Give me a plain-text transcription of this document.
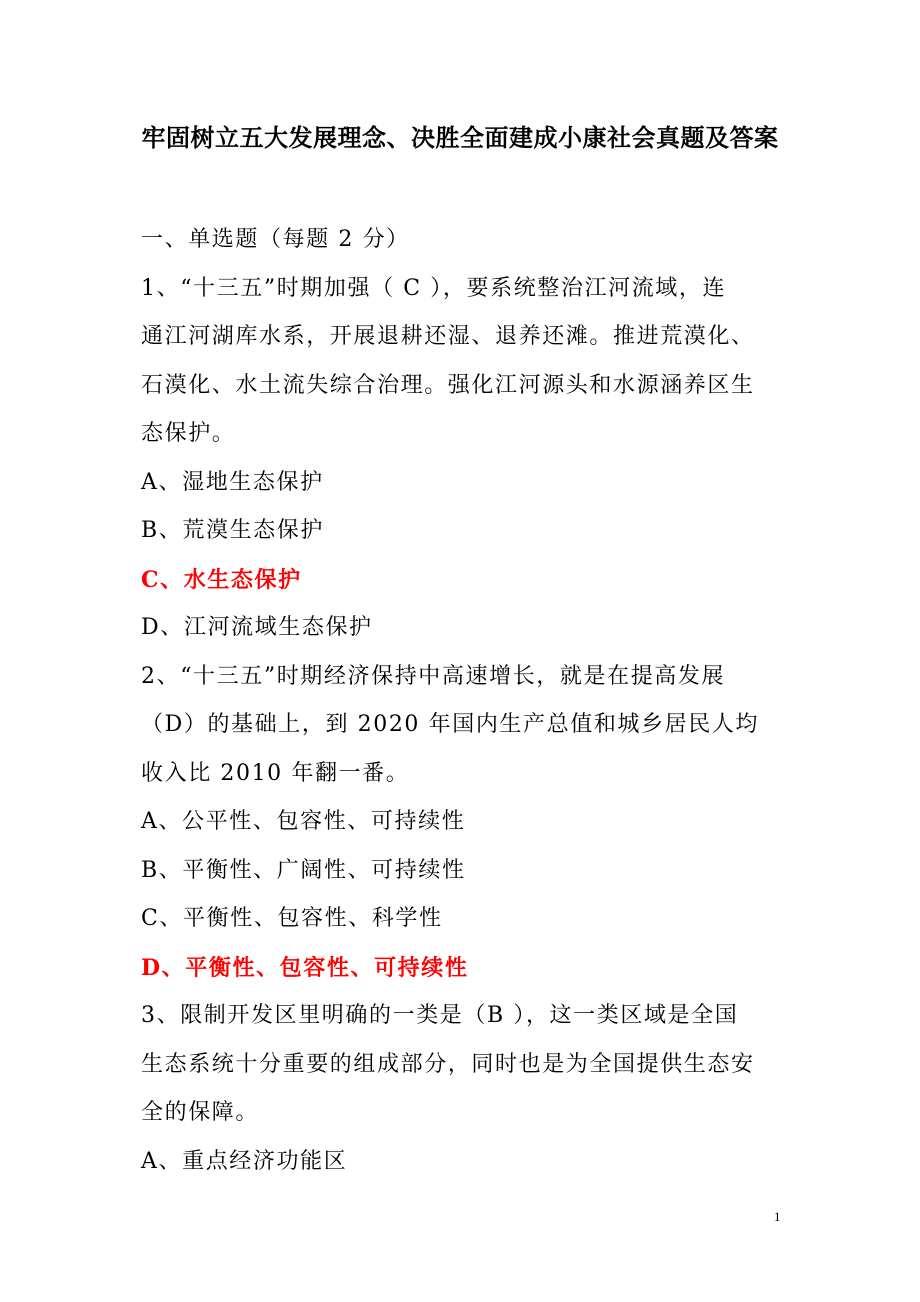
牢固树立五大发展理念、决胜全面建成小康社会真题及答案
一、单选题（每题 2 分）
1、“十三五”时期加强（ C ），要系统整治江河流域，连
通江河湖库水系，开展退耕还湿、退养还滩。推进荒漠化、
石漠化、水土流失综合治理。强化江河源头和水源涵养区生
态保护。
A、湿地生态保护
B、荒漠生态保护
C、水生态保护
D、江河流域生态保护
2、“十三五”时期经济保持中高速增长，就是在提高发展
（D）的基础上，到 2020 年国内生产总值和城乡居民人均
收入比 2010 年翻一番。
A、公平性、包容性、可持续性
B、平衡性、广阔性、可持续性
C、平衡性、包容性、科学性
D、平衡性、包容性、可持续性
3、限制开发区里明确的一类是（B ），这一类区域是全国
生态系统十分重要的组成部分，同时也是为全国提供生态安
全的保障。
A、重点经济功能区
1
